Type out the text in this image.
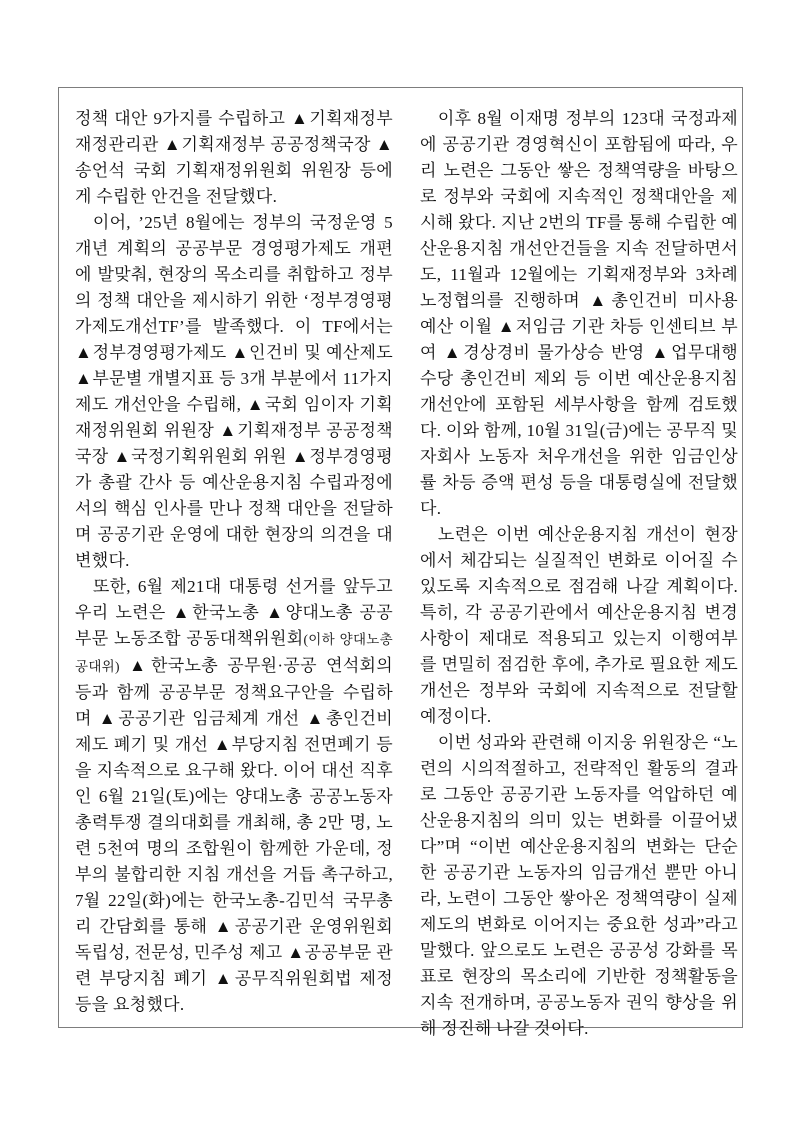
정책 대안 9가지를 수립하고 ▲기획재정부 재정관리관 ▲기획재정부 공공정책국장 ▲송언석 국회 기획재정위원회 위원장 등에게 수립한 안건을 전달했다.

이어, ’25년 8월에는 정부의 국정운영 5개년 계획의 공공부문 경영평가제도 개편에 발맞춰, 현장의 목소리를 취합하고 정부의 정책 대안을 제시하기 위한 ‘정부경영평가제도개선TF’를 발족했다. 이 TF에서는 ▲정부경영평가제도 ▲인건비 및 예산제도 ▲부문별 개별지표 등 3개 부분에서 11가지 제도 개선안을 수립해, ▲국회 임이자 기획재정위원회 위원장 ▲기획재정부 공공정책국장 ▲국정기획위원회 위원 ▲정부경영평가 총괄 간사 등 예산운용지침 수립과정에서의 핵심 인사를 만나 정책 대안을 전달하며 공공기관 운영에 대한 현장의 의견을 대변했다.

또한, 6월 제21대 대통령 선거를 앞두고 우리 노련은 ▲한국노총 ▲양대노총 공공부문 노동조합 공동대책위원회(이하 양대노총 공대위) ▲한국노총 공무원·공공 연석회의 등과 함께 공공부문 정책요구안을 수립하며 ▲공공기관 임금체계 개선 ▲총인건비제도 폐기 및 개선 ▲부당지침 전면폐기 등을 지속적으로 요구해 왔다. 이어 대선 직후인 6월 21일(토)에는 양대노총 공공노동자 총력투쟁 결의대회를 개최해, 총 2만 명, 노련 5천여 명의 조합원이 함께한 가운데, 정부의 불합리한 지침 개선을 거듭 촉구하고, 7월 22일(화)에는 한국노총-김민석 국무총리 간담회를 통해 ▲공공기관 운영위원회 독립성, 전문성, 민주성 제고 ▲공공부문 관련 부당지침 폐기 ▲공무직위원회법 제정 등을 요청했다.

이후 8월 이재명 정부의 123대 국정과제에 공공기관 경영혁신이 포함됨에 따라, 우리 노련은 그동안 쌓은 정책역량을 바탕으로 정부와 국회에 지속적인 정책대안을 제시해 왔다. 지난 2번의 TF를 통해 수립한 예산운용지침 개선안건들을 지속 전달하면서도, 11월과 12월에는 기획재정부와 3차례 노정협의를 진행하며 ▲총인건비 미사용 예산 이월 ▲저임금 기관 차등 인센티브 부여 ▲경상경비 물가상승 반영 ▲업무대행수당 총인건비 제외 등 이번 예산운용지침 개선안에 포함된 세부사항을 함께 검토했다. 이와 함께, 10월 31일(금)에는 공무직 및 자회사 노동자 처우개선을 위한 임금인상률 차등 증액 편성 등을 대통령실에 전달했다.

노련은 이번 예산운용지침 개선이 현장에서 체감되는 실질적인 변화로 이어질 수 있도록 지속적으로 점검해 나갈 계획이다. 특히, 각 공공기관에서 예산운용지침 변경사항이 제대로 적용되고 있는지 이행여부를 면밀히 점검한 후에, 추가로 필요한 제도개선은 정부와 국회에 지속적으로 전달할 예정이다.

이번 성과와 관련해 이지웅 위원장은 “노련의 시의적절하고, 전략적인 활동의 결과로 그동안 공공기관 노동자를 억압하던 예산운용지침의 의미 있는 변화를 이끌어냈다”며 “이번 예산운용지침의 변화는 단순한 공공기관 노동자의 임금개선 뿐만 아니라, 노련이 그동안 쌓아온 정책역량이 실제 제도의 변화로 이어지는 중요한 성과”라고 말했다. 앞으로도 노련은 공공성 강화를 목표로 현장의 목소리에 기반한 정책활동을 지속 전개하며, 공공노동자 권익 향상을 위해 정진해 나갈 것이다.
